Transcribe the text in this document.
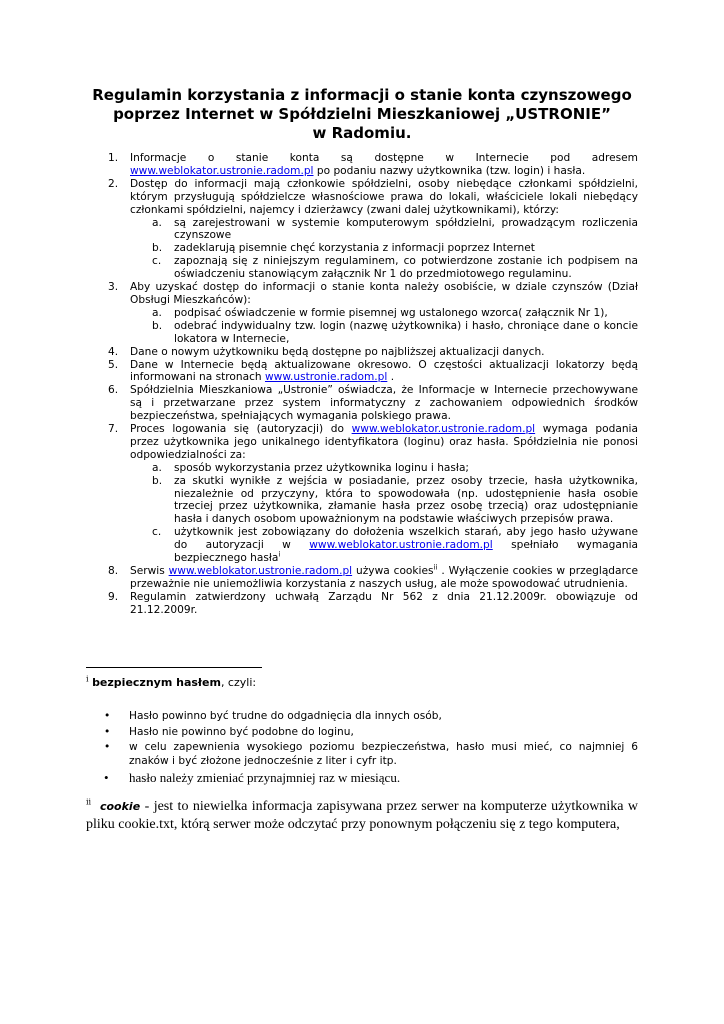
Regulamin korzystania z informacji o stanie konta czynszowego
poprzez Internet w Spółdzielni Mieszkaniowej „USTRONIE”
w Radomiu.
1. Informacje o stanie konta są dostępne w Internecie pod adresem www.weblokator.ustronie.radom.pl po podaniu nazwy użytkownika (tzw. login) i hasła.
2. Dostęp do informacji mają członkowie spółdzielni, osoby niebędące członkami spółdzielni, którym przysługują spółdzielcze własnościowe prawa do lokali, właściciele lokali niebędący członkami spółdzielni, najemcy i dzierżawcy (zwani dalej użytkownikami), którzy:
a. są zarejestrowani w systemie komputerowym spółdzielni, prowadzącym rozliczenia czynszowe
b. zadeklarują pisemnie chęć korzystania z informacji poprzez Internet
c. zapoznają się z niniejszym regulaminem, co potwierdzone zostanie ich podpisem na oświadczeniu stanowiącym załącznik Nr 1 do przedmiotowego regulaminu.
3. Aby uzyskać dostęp do informacji o stanie konta należy osobiście, w dziale czynszów (Dział Obsługi Mieszkańców):
a. podpisać oświadczenie w formie pisemnej wg ustalonego wzorca( załącznik Nr 1),
b. odebrać indywidualny tzw. login (nazwę użytkownika) i hasło, chroniące dane o koncie lokatora w Internecie,
4. Dane o nowym użytkowniku będą dostępne po najbliższej aktualizacji danych.
5. Dane w Internecie będą aktualizowane okresowo. O częstości aktualizacji lokatorzy będą informowani na stronach www.ustronie.radom.pl .
6. Spółdzielnia Mieszkaniowa „Ustronie” oświadcza, że Informacje w Internecie przechowywane są i przetwarzane przez system informatyczny z zachowaniem odpowiednich środków bezpieczeństwa, spełniających wymagania polskiego prawa.
7. Proces logowania się (autoryzacji) do www.weblokator.ustronie.radom.pl wymaga podania przez użytkownika jego unikalnego identyfikatora (loginu) oraz hasła. Spółdzielnia nie ponosi odpowiedzialności za:
a. sposób wykorzystania przez użytkownika loginu i hasła;
b. za skutki wynikłe z wejścia w posiadanie, przez osoby trzecie, hasła użytkownika, niezależnie od przyczyny, która to spowodowała (np. udostępnienie hasła osobie trzeciej przez użytkownika, złamanie hasła przez osobę trzecią) oraz udostępnianie hasła i danych osobom upoważnionym na podstawie właściwych przepisów prawa.
c. użytkownik jest zobowiązany do dołożenia wszelkich starań, aby jego hasło używane do autoryzacji w www.weblokator.ustronie.radom.pl spełniało wymagania bezpiecznego hasła$^i$
8. Serwis www.weblokator.ustronie.radom.pl używa cookies$^{ii}$ . Wyłączenie cookies w przeglądarce przeważnie nie uniemożliwia korzystania z naszych usług, ale może spowodować utrudnienia.
9. Regulamin zatwierdzony uchwałą Zarządu Nr 562 z dnia 21.12.2009r. obowiązuje od 21.12.2009r.
$^i$ bezpiecznym hasłem, czyli:
• Hasło powinno być trudne do odgadnięcia dla innych osób,
• Hasło nie powinno być podobne do loginu,
• w celu zapewnienia wysokiego poziomu bezpieczeństwa, hasło musi mieć, co najmniej 6 znaków i być złożone jednocześnie z liter i cyfr itp.
• hasło należy zmieniać przynajmniej raz w miesiącu.
$^{ii}$ cookie - jest to niewielka informacja zapisywana przez serwer na komputerze użytkownika w pliku cookie.txt, którą serwer może odczytać przy ponownym połączeniu się z tego komputera,
